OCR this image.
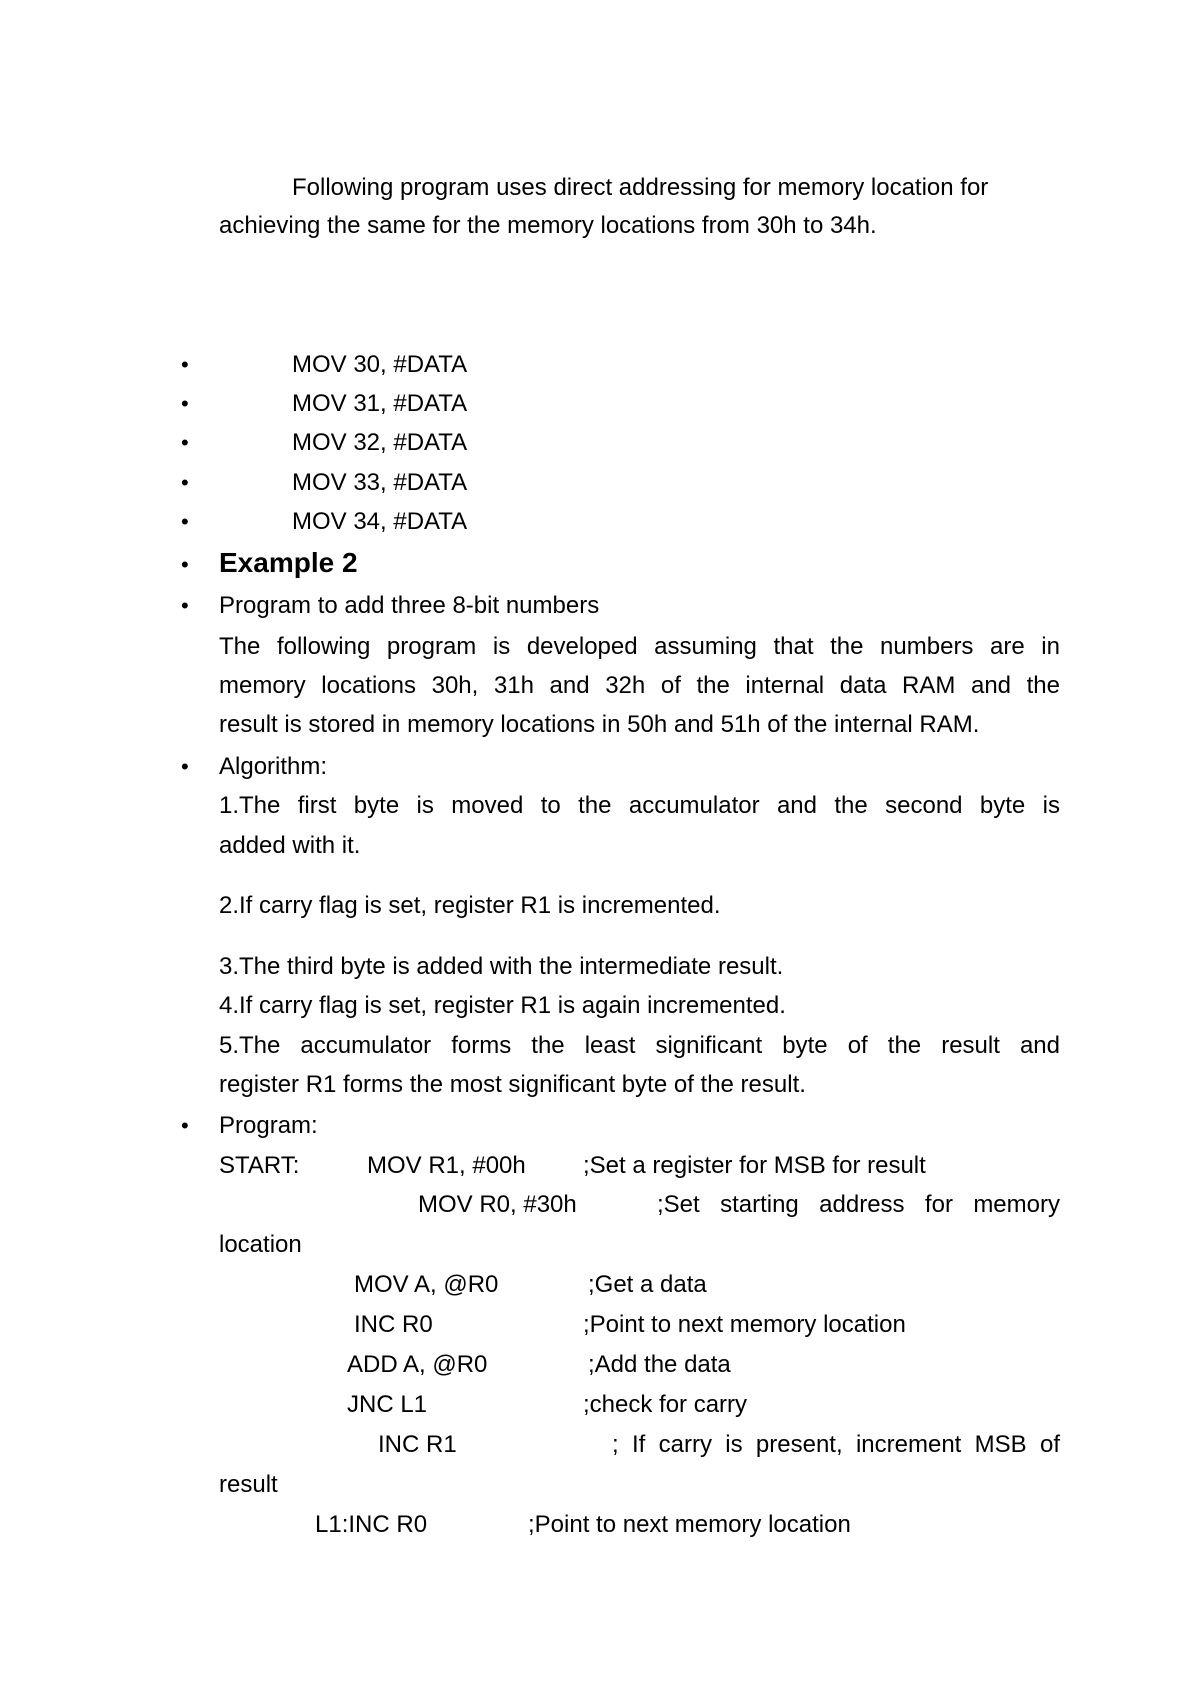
Following program uses direct addressing for memory location for
achieving the same for the memory locations from 30h to 34h.
•
MOV 30, #DATA
•
MOV 31, #DATA
•
MOV 32, #DATA
•
MOV 33, #DATA
•
MOV 34, #DATA
•
Example 2
•
Program to add three 8-bit numbers
The following program is developed assuming that the numbers are in
memory locations 30h, 31h and 32h of the internal data RAM and the
result is stored in memory locations in 50h and 51h of the internal RAM.
•
Algorithm:
1.The first byte is moved to the accumulator and the second byte is
added with it.
2.If carry flag is set, register R1 is incremented.
3.The third byte is added with the intermediate result.
4.If carry flag is set, register R1 is again incremented.
5.The accumulator forms the least significant byte of the result and
register R1 forms the most significant byte of the result.
•
Program:
START:	MOV R1, #00h ;Set a register for MSB for result
MOV R0, #30h	;Set starting address for memory
location
MOV A, @R0	;Get a data
INC R0	;Point to next memory location
ADD A, @R0	;Add the data
JNC L1	;check for carry
INC R1	; If carry is present, increment MSB of
result
L1:INC R0	;Point to next memory location
